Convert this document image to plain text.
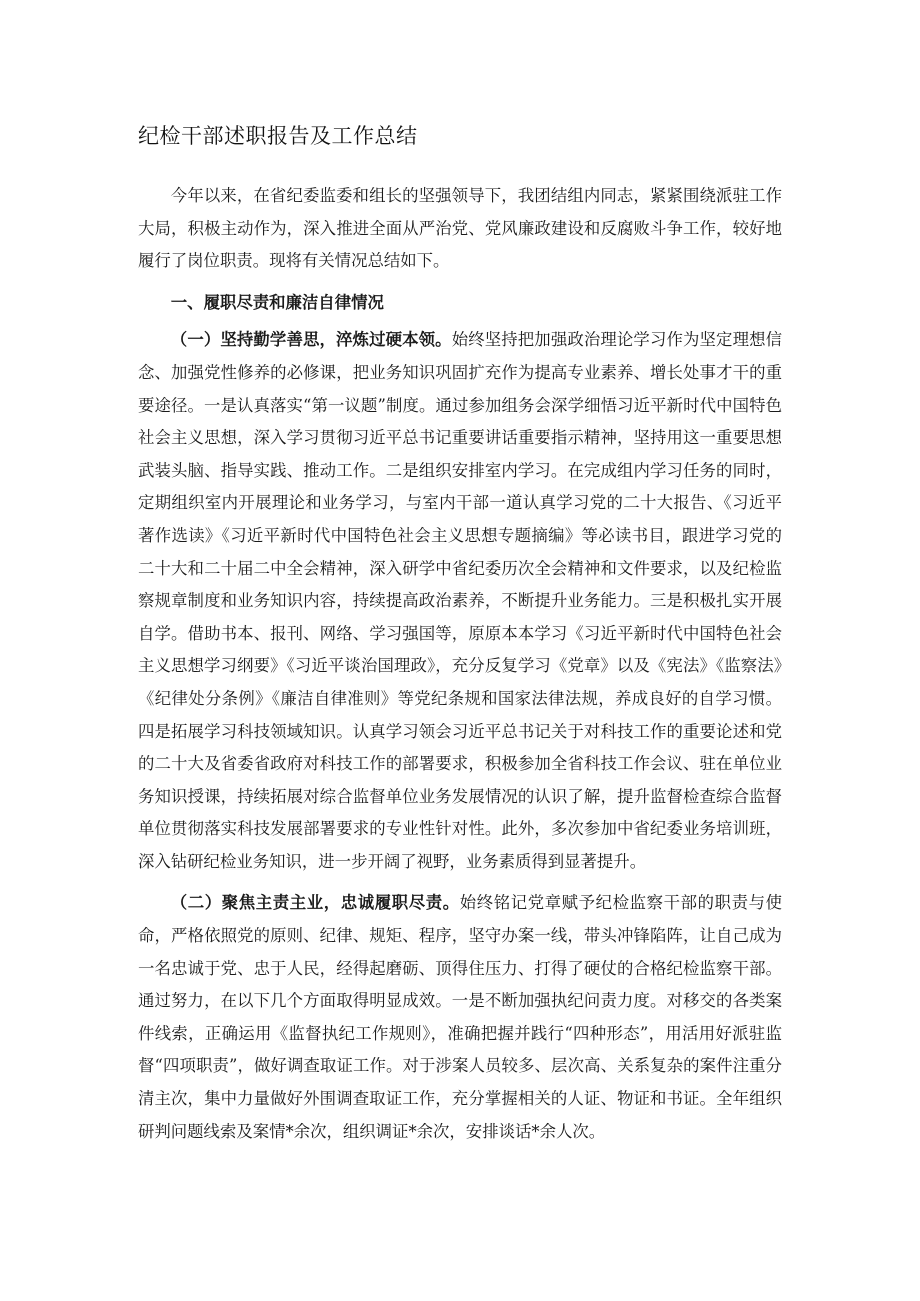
纪检干部述职报告及工作总结

今年以来，在省纪委监委和组长的坚强领导下，我团结组内同志，紧紧围绕派驻工作大局，积极主动作为，深入推进全面从严治党、党风廉政建设和反腐败斗争工作，较好地履行了岗位职责。现将有关情况总结如下。

一、履职尽责和廉洁自律情况

（一）坚持勤学善思，淬炼过硬本领。始终坚持把加强政治理论学习作为坚定理想信念、加强党性修养的必修课，把业务知识巩固扩充作为提高专业素养、增长处事才干的重要途径。一是认真落实“第一议题”制度。通过参加组务会深学细悟习近平新时代中国特色社会主义思想，深入学习贯彻习近平总书记重要讲话重要指示精神，坚持用这一重要思想武装头脑、指导实践、推动工作。二是组织安排室内学习。在完成组内学习任务的同时，定期组织室内开展理论和业务学习，与室内干部一道认真学习党的二十大报告、《习近平著作选读》《习近平新时代中国特色社会主义思想专题摘编》等必读书目，跟进学习党的二十大和二十届二中全会精神，深入研学中省纪委历次全会精神和文件要求，以及纪检监察规章制度和业务知识内容，持续提高政治素养，不断提升业务能力。三是积极扎实开展自学。借助书本、报刊、网络、学习强国等，原原本本学习《习近平新时代中国特色社会主义思想学习纲要》《习近平谈治国理政》，充分反复学习《党章》以及《宪法》《监察法》《纪律处分条例》《廉洁自律准则》等党纪条规和国家法律法规，养成良好的自学习惯。四是拓展学习科技领域知识。认真学习领会习近平总书记关于对科技工作的重要论述和党的二十大及省委省政府对科技工作的部署要求，积极参加全省科技工作会议、驻在单位业务知识授课，持续拓展对综合监督单位业务发展情况的认识了解，提升监督检查综合监督单位贯彻落实科技发展部署要求的专业性针对性。此外，多次参加中省纪委业务培训班，深入钻研纪检业务知识，进一步开阔了视野，业务素质得到显著提升。

（二）聚焦主责主业，忠诚履职尽责。始终铭记党章赋予纪检监察干部的职责与使命，严格依照党的原则、纪律、规矩、程序，坚守办案一线，带头冲锋陷阵，让自己成为一名忠诚于党、忠于人民，经得起磨砺、顶得住压力、打得了硬仗的合格纪检监察干部。通过努力，在以下几个方面取得明显成效。一是不断加强执纪问责力度。对移交的各类案件线索，正确运用《监督执纪工作规则》，准确把握并践行“四种形态”，用活用好派驻监督“四项职责”，做好调查取证工作。对于涉案人员较多、层次高、关系复杂的案件注重分清主次，集中力量做好外围调查取证工作，充分掌握相关的人证、物证和书证。全年组织研判问题线索及案情*余次，组织调证*余次，安排谈话*余人次。
